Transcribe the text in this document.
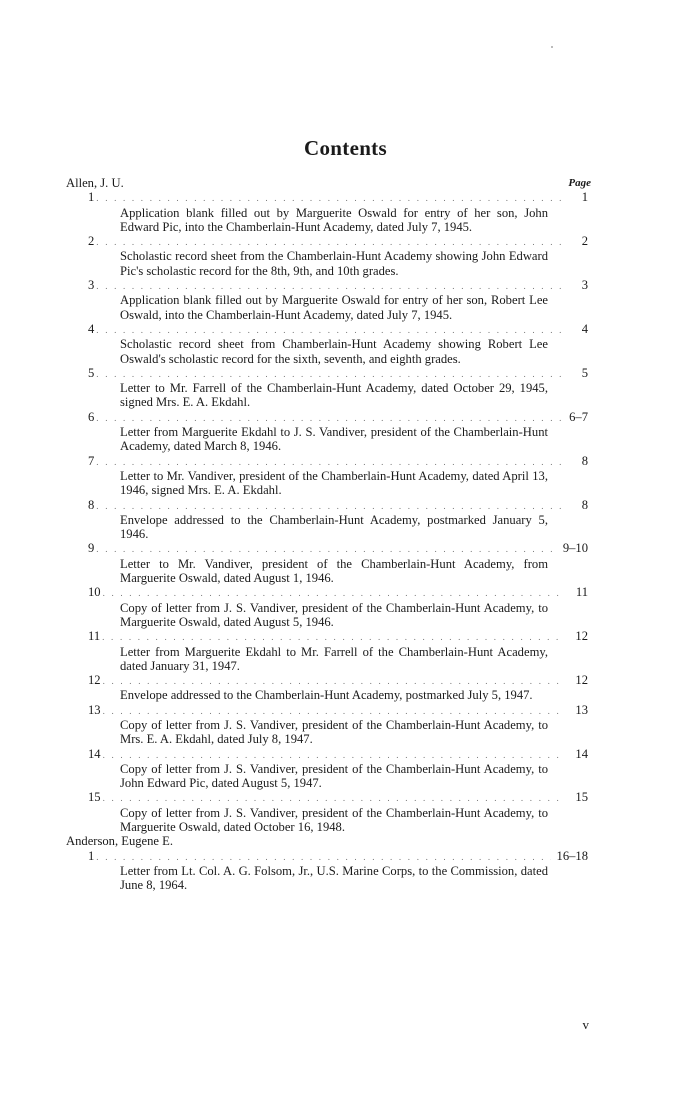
Contents
Page
Allen, J. U.
1 . . .	1
Application blank filled out by Marguerite Oswald for entry of her son, John Edward Pic, into the Chamberlain-Hunt Academy, dated July 7, 1945.
2 . . .	2
Scholastic record sheet from the Chamberlain-Hunt Academy showing John Edward Pic's scholastic record for the 8th, 9th, and 10th grades.
3 . . .	3
Application blank filled out by Marguerite Oswald for entry of her son, Robert Lee Oswald, into the Chamberlain-Hunt Academy, dated July 7, 1945.
4 . . .	4
Scholastic record sheet from Chamberlain-Hunt Academy showing Robert Lee Oswald's scholastic record for the sixth, seventh, and eighth grades.
5 . . .	5
Letter to Mr. Farrell of the Chamberlain-Hunt Academy, dated October 29, 1945, signed Mrs. E. A. Ekdahl.
6 . . .	6–7
Letter from Marguerite Ekdahl to J. S. Vandiver, president of the Chamberlain-Hunt Academy, dated March 8, 1946.
7 . . .	8
Letter to Mr. Vandiver, president of the Chamberlain-Hunt Academy, dated April 13, 1946, signed Mrs. E. A. Ekdahl.
8 . . .	8
Envelope addressed to the Chamberlain-Hunt Academy, postmarked January 5, 1946.
9 . . .	9–10
Letter to Mr. Vandiver, president of the Chamberlain-Hunt Academy, from Marguerite Oswald, dated August 1, 1946.
10 . . .	11
Copy of letter from J. S. Vandiver, president of the Chamberlain-Hunt Academy, to Marguerite Oswald, dated August 5, 1946.
11 . . .	12
Letter from Marguerite Ekdahl to Mr. Farrell of the Chamberlain-Hunt Academy, dated January 31, 1947.
12 . . .	12
Envelope addressed to the Chamberlain-Hunt Academy, postmarked July 5, 1947.
13 . . .	13
Copy of letter from J. S. Vandiver, president of the Chamberlain-Hunt Academy, to Mrs. E. A. Ekdahl, dated July 8, 1947.
14 . . .	14
Copy of letter from J. S. Vandiver, president of the Chamberlain-Hunt Academy, to John Edward Pic, dated August 5, 1947.
15 . . .	15
Copy of letter from J. S. Vandiver, president of the Chamberlain-Hunt Academy, to Marguerite Oswald, dated October 16, 1948.
Anderson, Eugene E.
1 . . .	16–18
Letter from Lt. Col. A. G. Folsom, Jr., U.S. Marine Corps, to the Commission, dated June 8, 1964.
v
